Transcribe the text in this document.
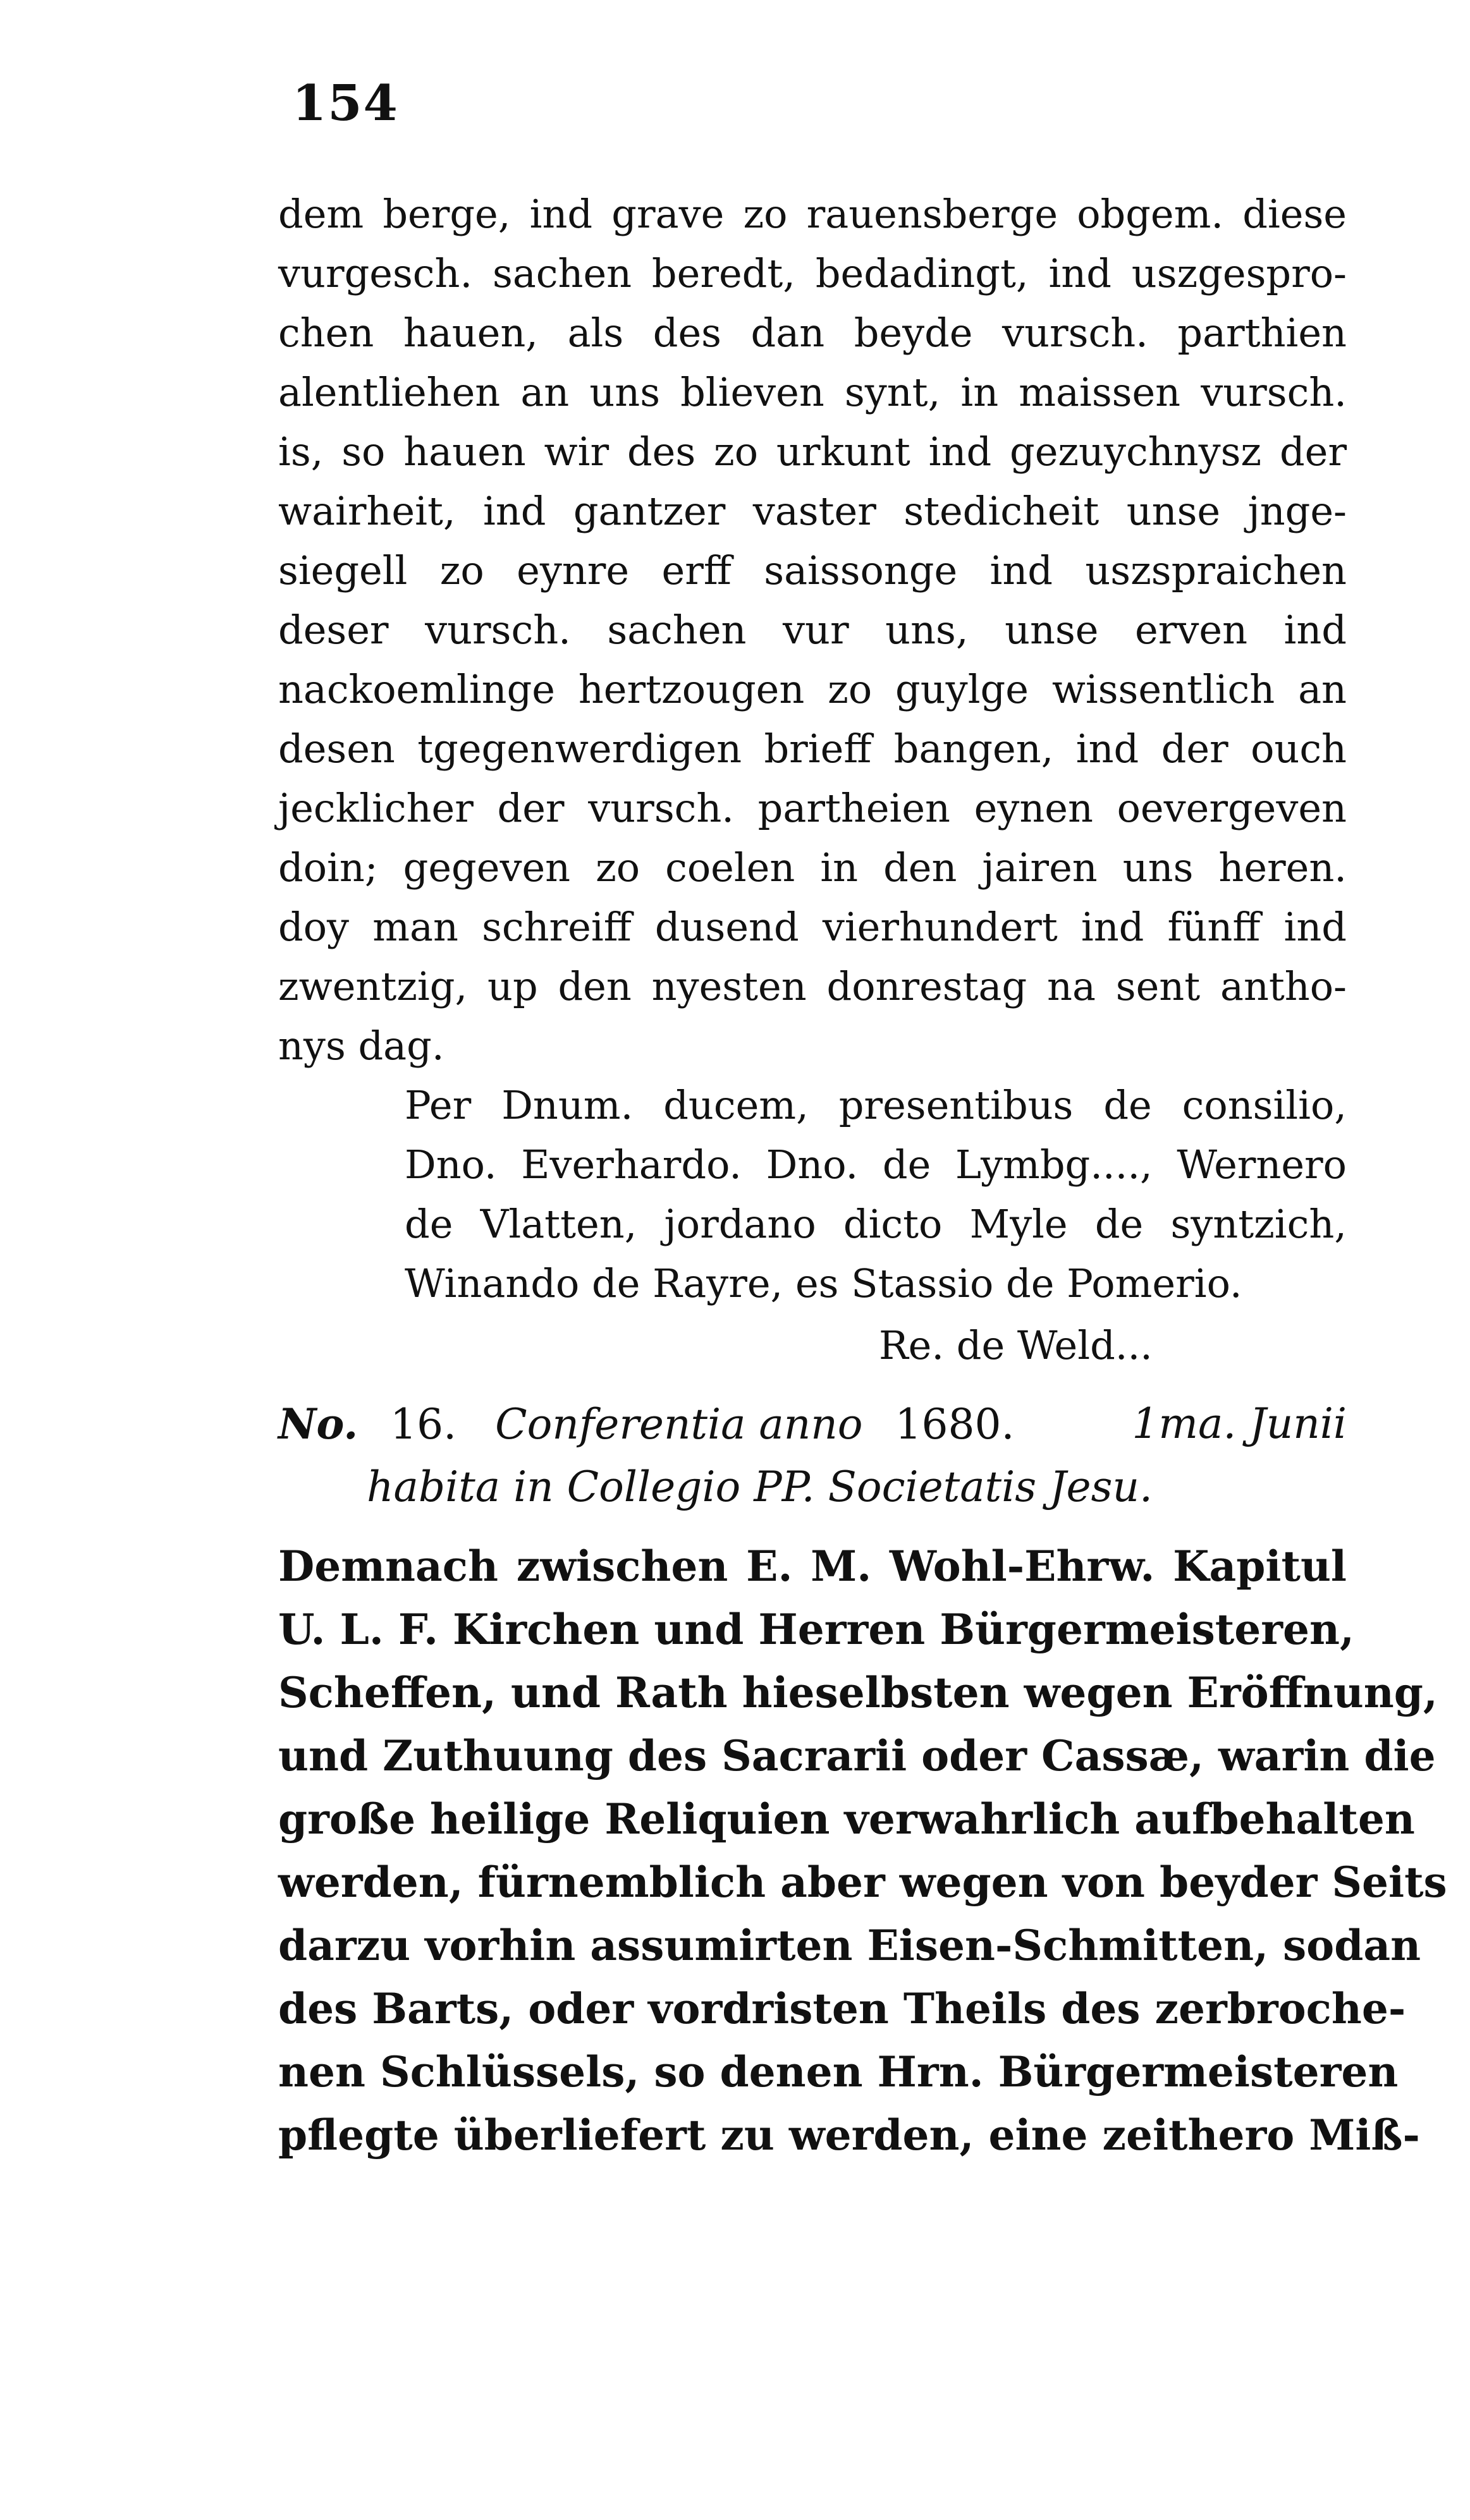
154
dem berge, ind grave zo rauensberge obgem. diese
vurgesch. sachen beredt, bedadingt, ind uszgespro-
chen hauen, als des dan beyde vursch. parthien
alentliehen an uns blieven synt, in maissen vursch.
is, so hauen wir des zo urkunt ind gezuychnysz der
wairheit, ind gantzer vaster stedicheit unse jnge-
siegell zo eynre erff saissonge ind uszspraichen
deser vursch. sachen vur uns, unse erven ind
nackoemlinge hertzougen zo guylge wissentlich an
desen tgegenwerdigen brieff bangen, ind der ouch
jecklicher der vursch. partheien eynen oevergeven
doin; gegeven zo coelen in den jairen uns heren.
doy man schreiff dusend vierhundert ind fünff ind
zwentzig, up den nyesten donrestag na sent antho-
nys dag.
Per Dnum. ducem, presentibus de consilio,
Dno. Everhardo. Dno. de Lymbg...., Wernero
de Vlatten, jordano dicto Myle de syntzich,
Winando de Rayre, es Stassio de Pomerio.
Re. de Weld...
No. 16. Conferentia anno 1680.	1ma. Junii
habita in Collegio PP. Societatis Jesu.
Demnach zwischen E. M. Wohl-Ehrw. Kapitul
U. L. F. Kirchen und Herren Bürgermeisteren,
Scheffen, und Rath hieselbsten wegen Eröffnung,
und Zuthuung des Sacrarii oder Cassæ, warin die
große heilige Reliquien verwahrlich aufbehalten
werden, fürnemblich aber wegen von beyder Seits
darzu vorhin assumirten Eisen-Schmitten, sodan
des Barts, oder vordristen Theils des zerbroche-
nen Schlüssels, so denen Hrn. Bürgermeisteren
pflegte überliefert zu werden, eine zeithero Miß-
